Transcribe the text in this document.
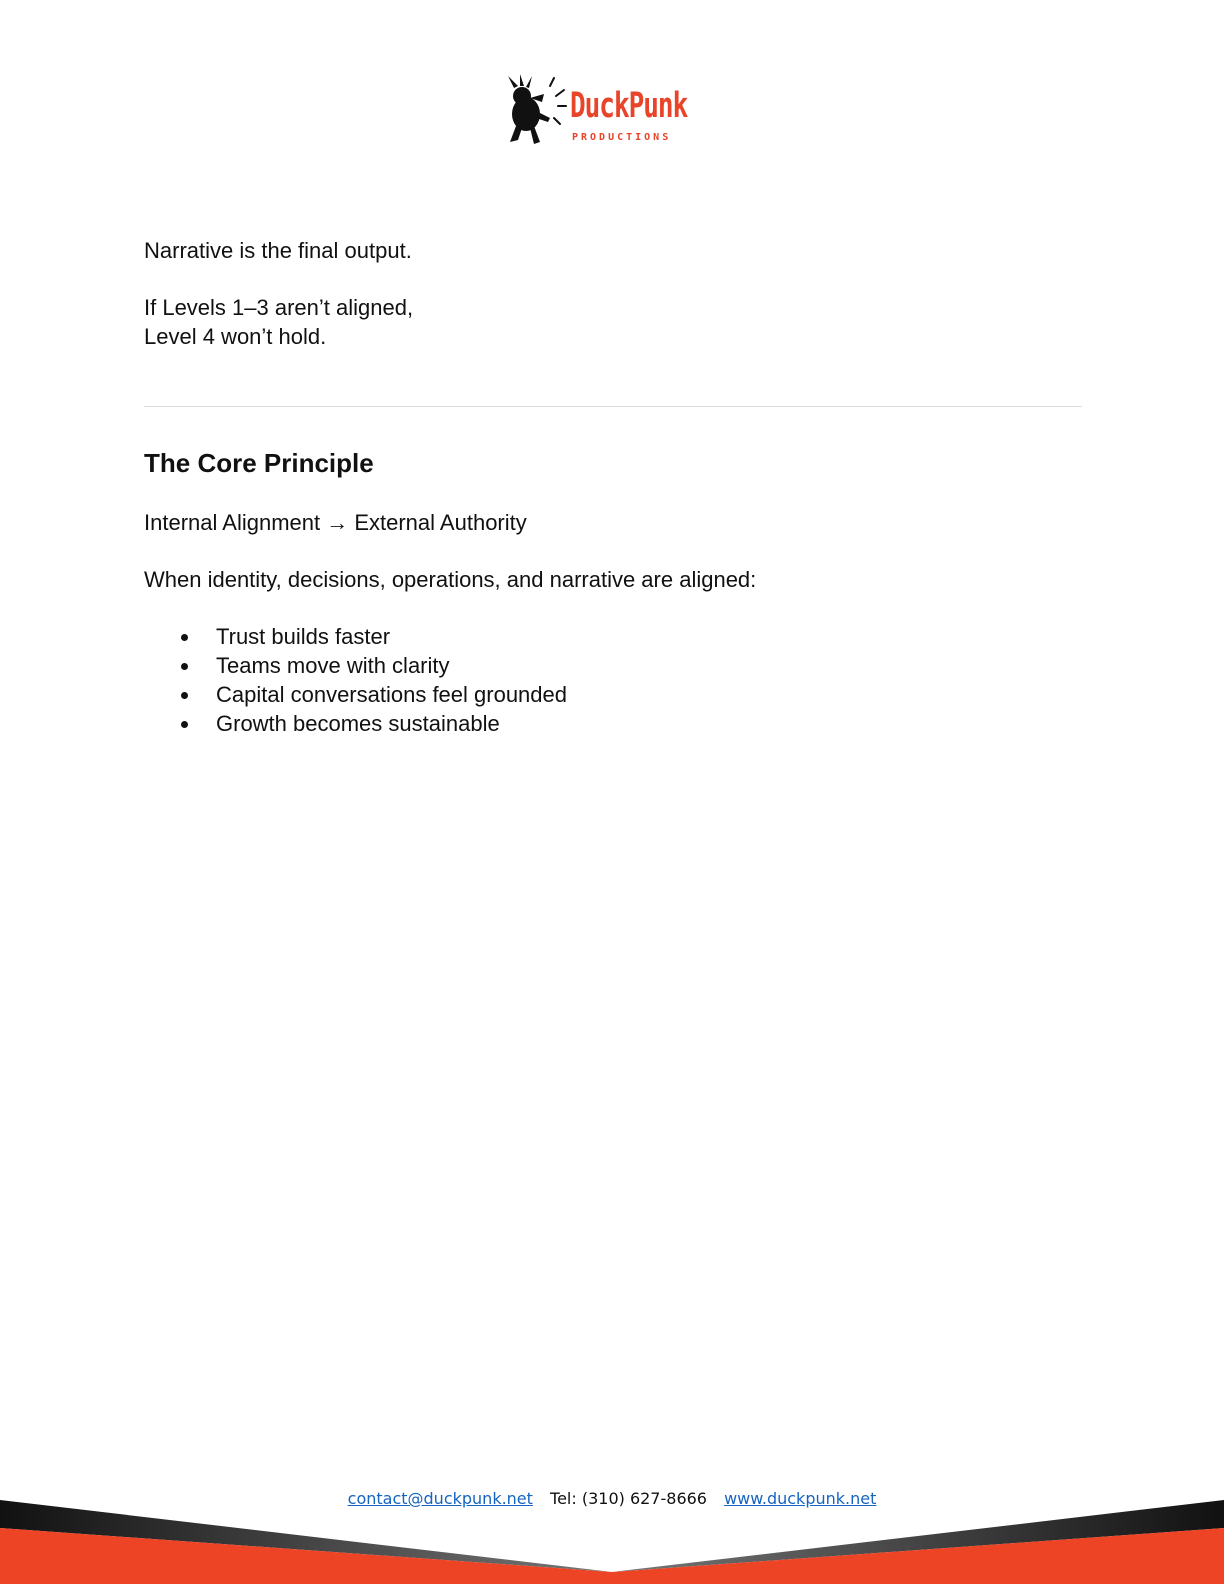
DuckPunk
PRODUCTIONS

Narrative is the final output.

If Levels 1–3 aren’t aligned,

Level 4 won’t hold.

The Core Principle

Internal Alignment → External Authority

When identity, decisions, operations, and narrative are aligned:

Trust builds faster
Teams move with clarity
Capital conversations feel grounded
Growth becomes sustainable
contact@duckpunk.net Tel: (310) 627-8666 www.duckpunk.net
